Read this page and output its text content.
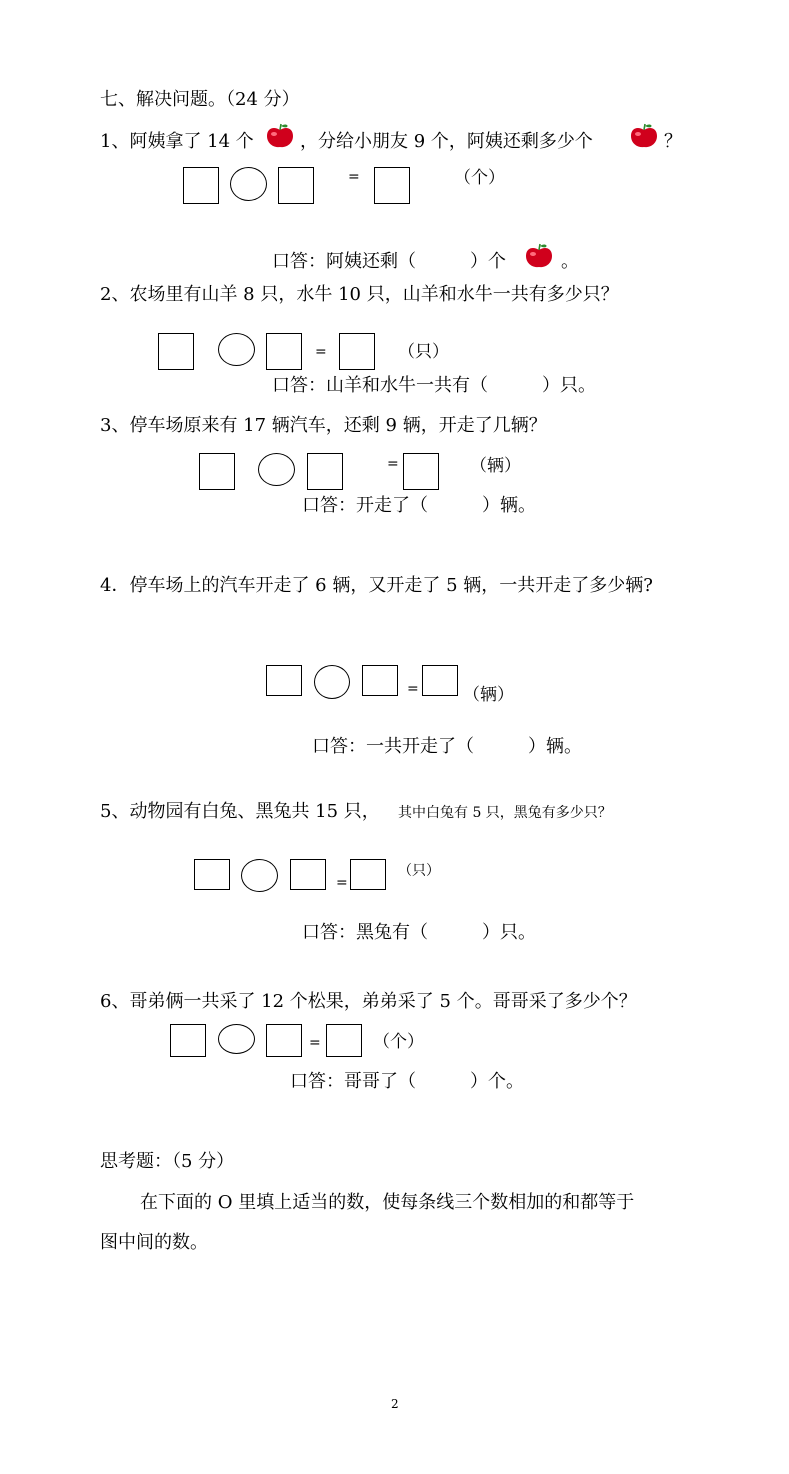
七、解决问题。（24 分）
1、阿姨拿了 14 个	，分给小朋友 9 个，阿姨还剩多少个	？
=	（个）
口答：阿姨还剩（　　　）个	。
2、农场里有山羊 8 只，水牛 10 只，山羊和水牛一共有多少只？
=	（只）
口答：山羊和水牛一共有（　　　）只。
3、停车场原来有 17 辆汽车，还剩 9 辆，开走了几辆？
=	（辆）
口答：开走了（　　　）辆。
4．停车场上的汽车开走了 6 辆，又开走了 5 辆，一共开走了多少辆?
=	（辆）
口答：一共开走了（　　　）辆。
5、动物园有白兔、黑兔共 15 只， 其中白兔有 5 只，黑兔有多少只？
=
（只）
口答：黑兔有（　　　）只。
6、哥弟俩一共采了 12 个松果，弟弟采了 5 个。哥哥采了多少个？
=	（个）
口答：哥哥了（　　　）个。
思考题：（5 分）
在下面的 O 里填上适当的数，使每条线三个数相加的和都等于
图中间的数。
2
